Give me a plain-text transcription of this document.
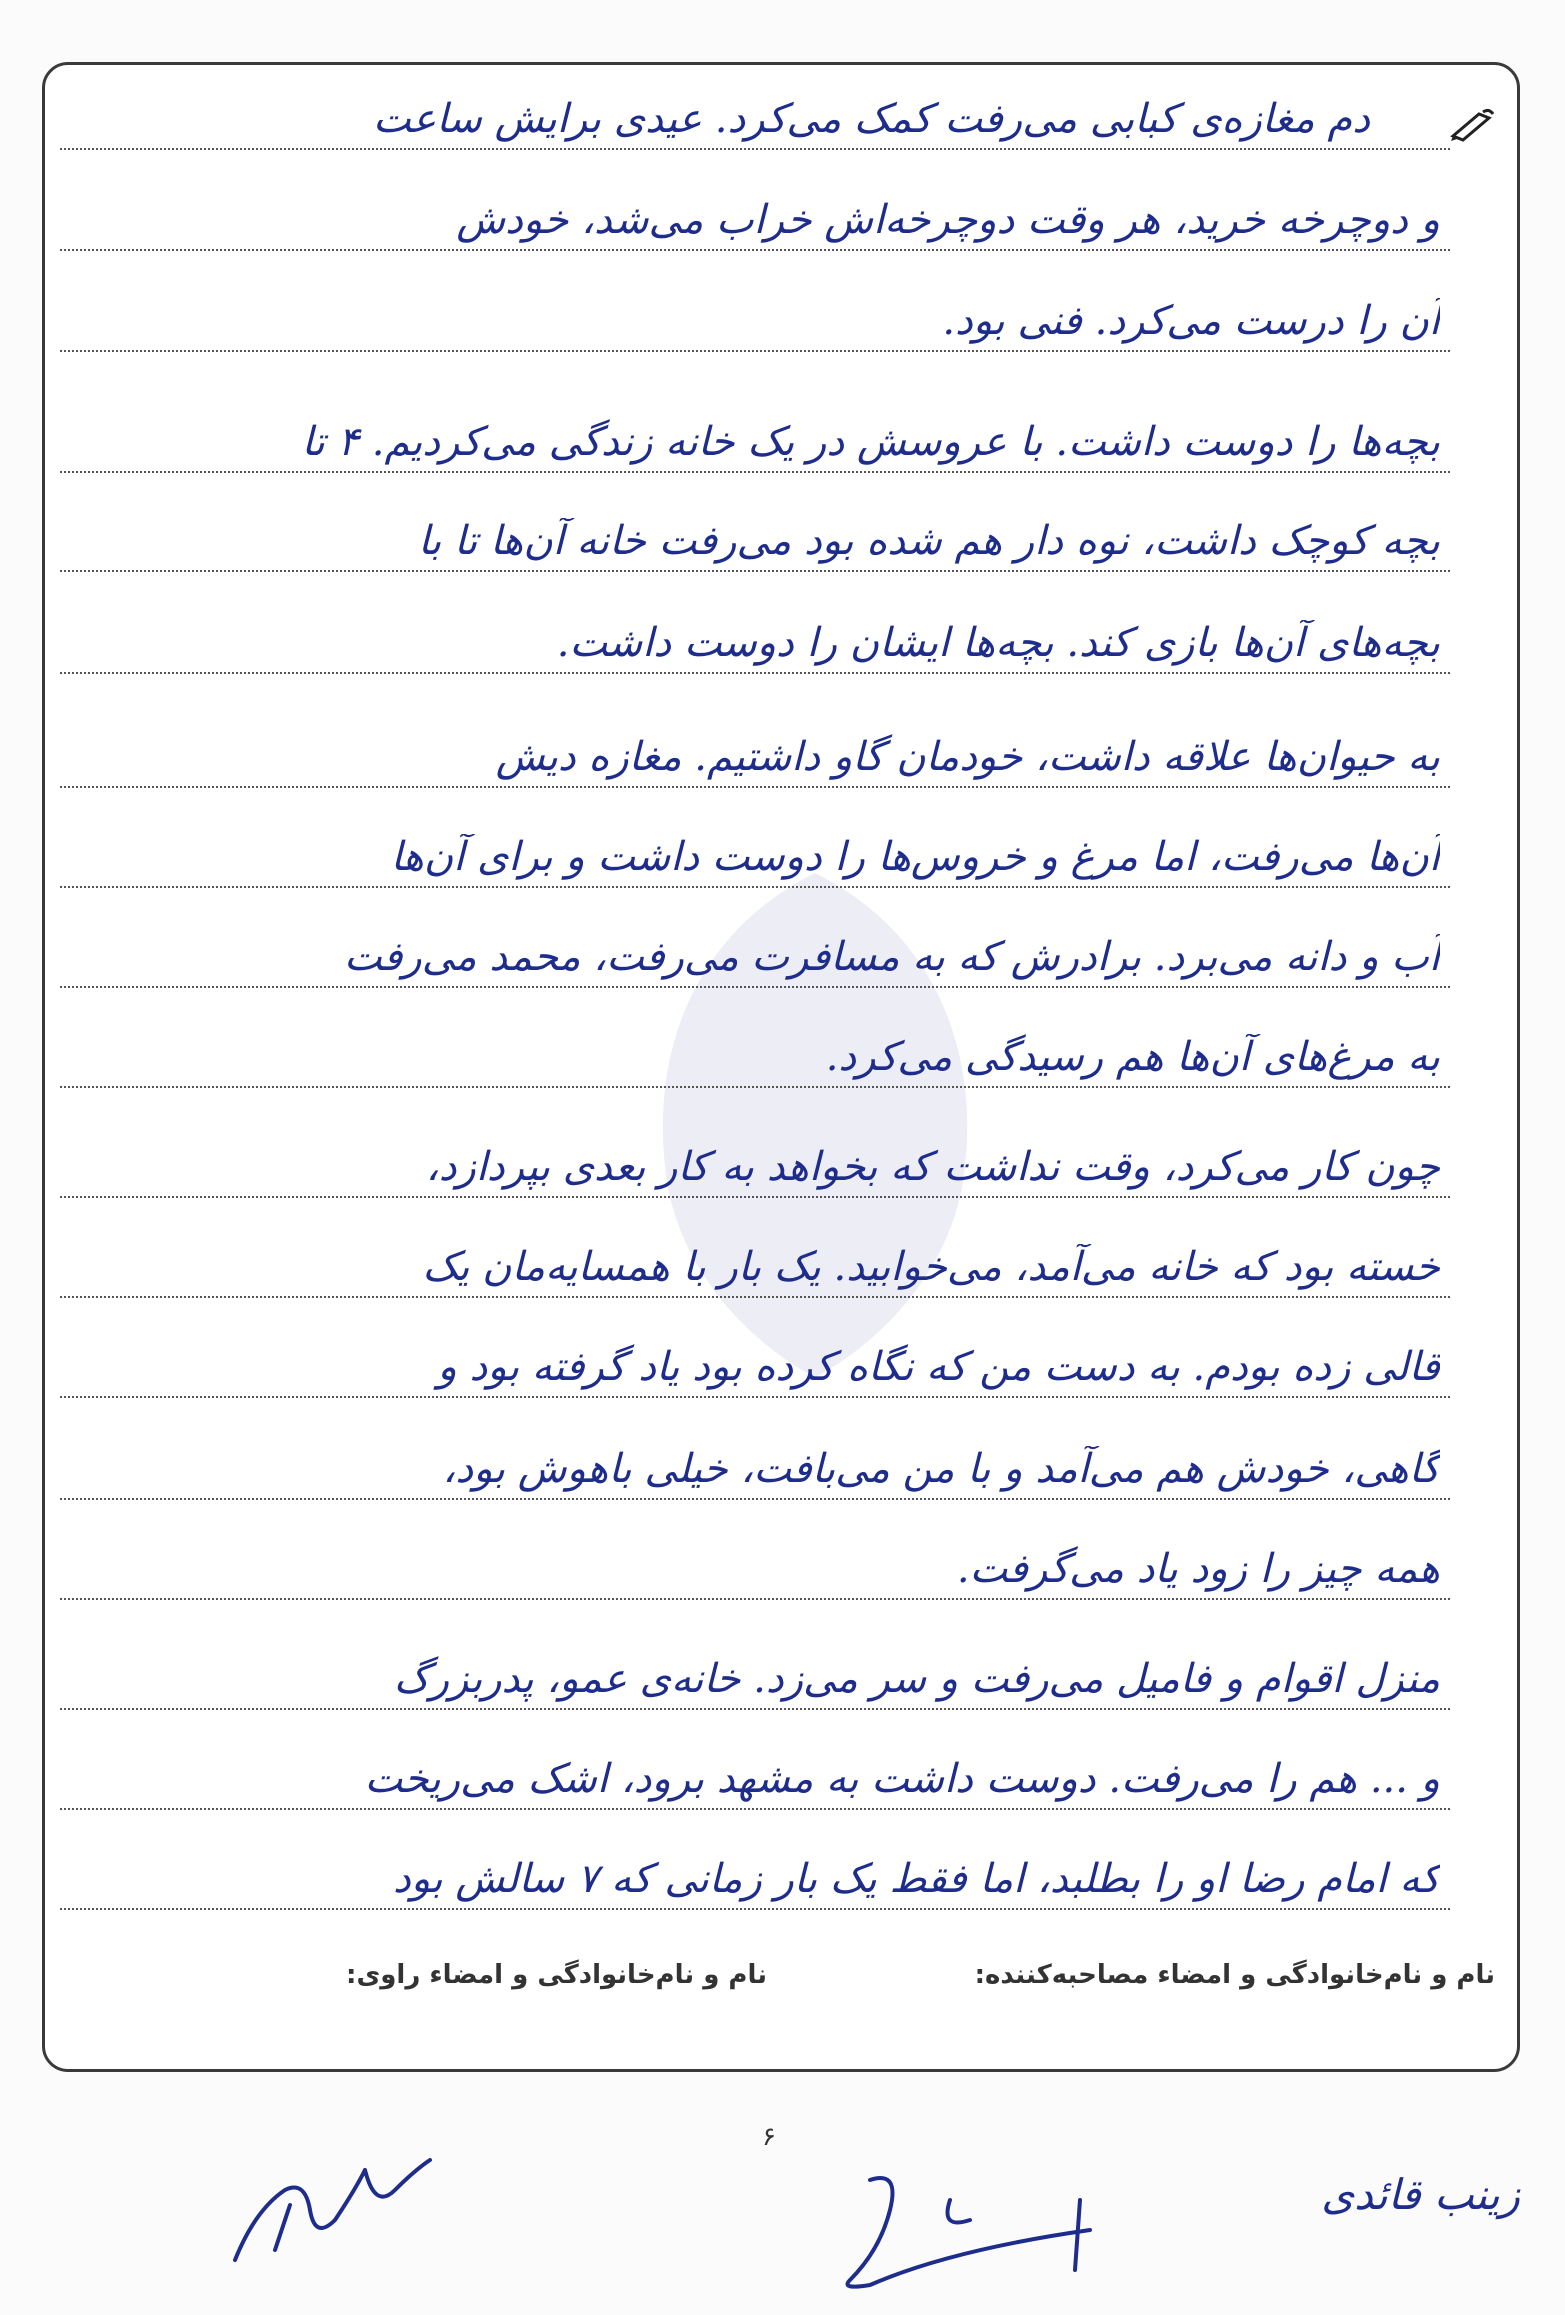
دم مغازه‌ی کبابی می‌رفت کمک می‌کرد. عیدی برایش ساعت
و دوچرخه خرید، هر وقت دوچرخه‌اش خراب می‌شد، خودش
آن را درست می‌کرد. فنی بود.
بچه‌ها را دوست داشت. با عروسش در یک خانه زندگی می‌کردیم. ۴ تا
بچه کوچک داشت، نوه دار هم شده بود می‌رفت خانه آن‌ها تا با
بچه‌های آن‌ها بازی کند. بچه‌ها ایشان را دوست داشت.
به حیوان‌ها علاقه داشت، خودمان گاو داشتیم. مغازه دیش
آن‌ها می‌رفت، اما مرغ و خروس‌ها را دوست داشت و برای آن‌ها
آب و دانه می‌برد. برادرش که به مسافرت می‌رفت، محمد می‌رفت
به مرغ‌های آن‌ها هم رسیدگی می‌کرد.
چون کار می‌کرد، وقت نداشت که بخواهد به کار بعدی بپردازد،
خسته بود که خانه می‌آمد، می‌خوابید. یک بار با همسایه‌مان یک
قالی زده بودم. به دست من که نگاه کرده بود یاد گرفته بود و
گاهی، خودش هم می‌آمد و با من می‌بافت، خیلی باهوش بود،
همه چیز را زود یاد می‌گرفت.
منزل اقوام و فامیل می‌رفت و سر می‌زد. خانه‌ی عمو، پدربزرگ
و ... هم را می‌رفت. دوست داشت به مشهد برود، اشک می‌ریخت
که امام رضا او را بطلبد، اما فقط یک بار زمانی که ۷ سالش بود
نام و نام‌خانوادگی و امضاء مصاحبه‌کننده:
نام و نام‌خانوادگی و امضاء راوی:
۶
زینب قائدی
